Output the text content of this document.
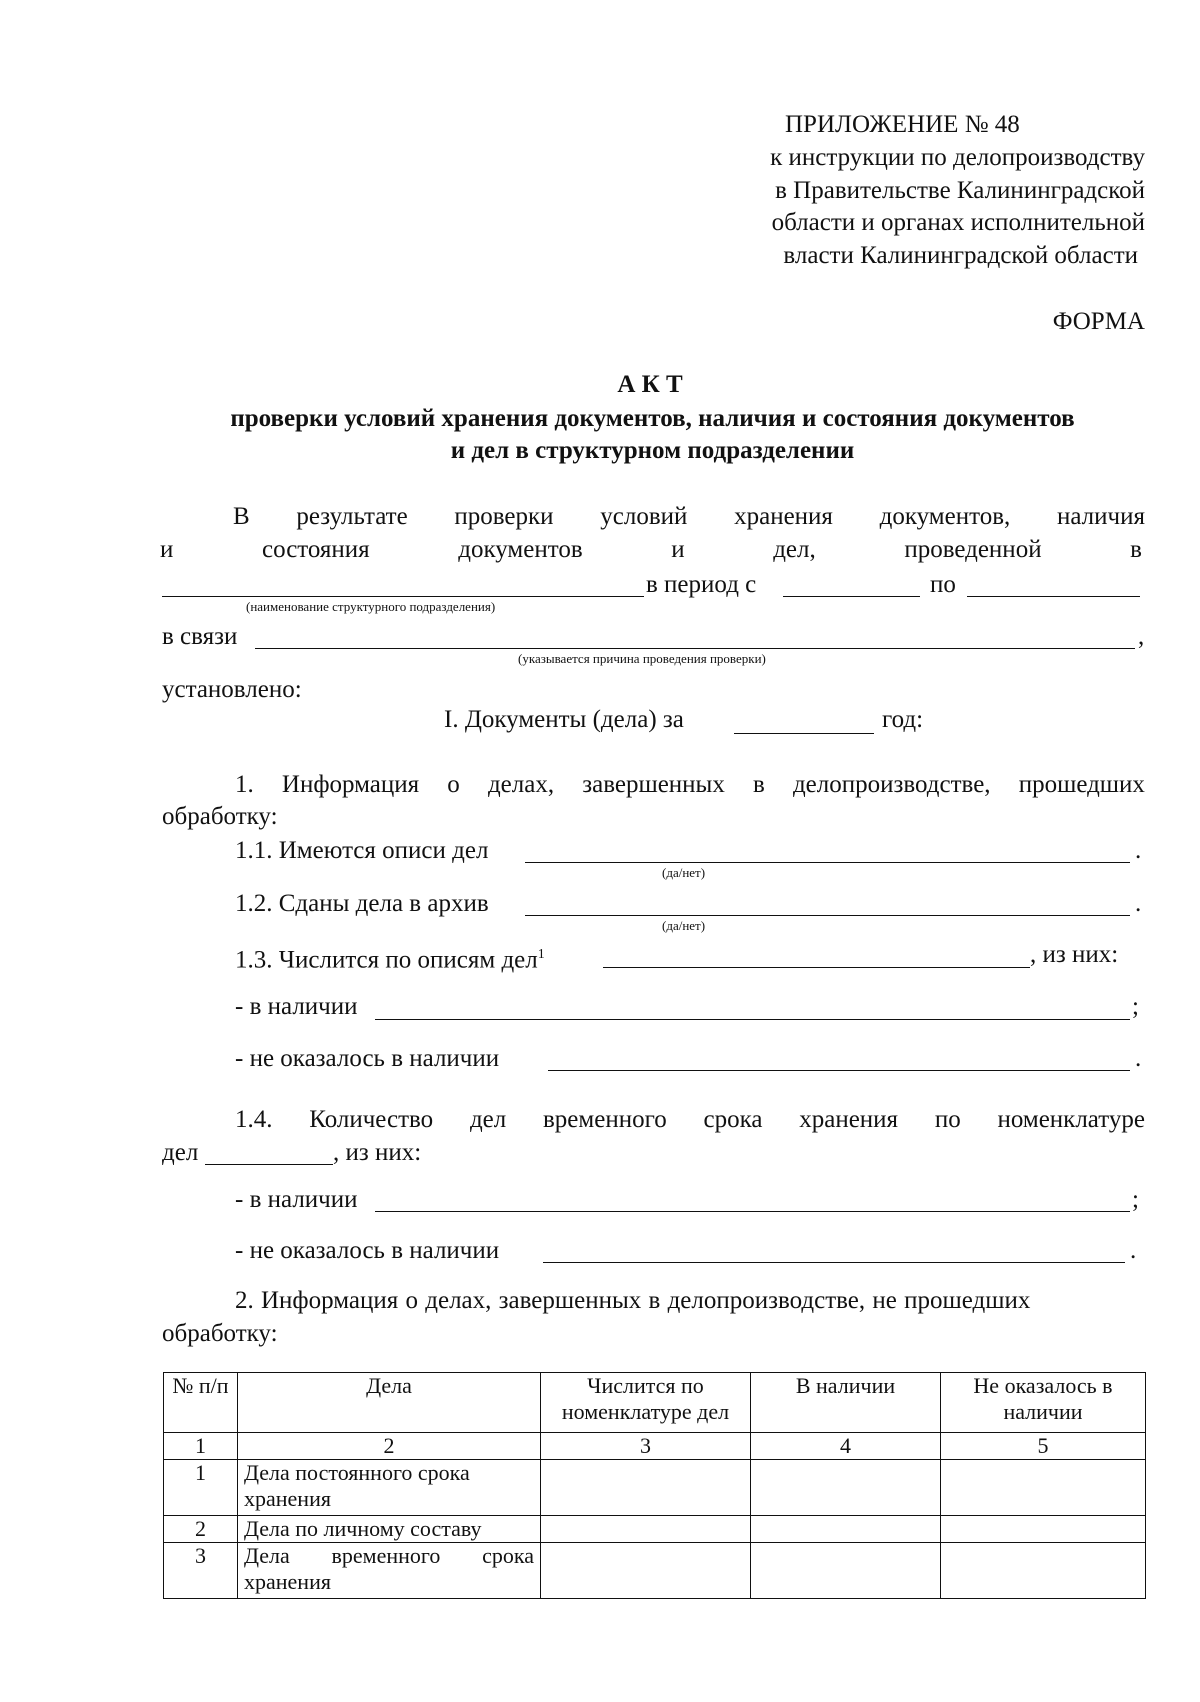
ПРИЛОЖЕНИЕ № 48
к инструкции по делопроизводству
в Правительстве Калининградской
области и органах исполнительной
власти Калининградской области
ФОРМА
А К Т
проверки условий хранения документов, наличия и состояния документов
и дел в структурном подразделении
В результате проверки условий хранения документов, наличия
и	состояния	документов	и	дел,	проведенной	в
в период с	по
(наименование структурного подразделения)
в связи	,
(указывается причина проведения проверки)
установлено:
I. Документы (дела) за	год:
1. Информация о делах, завершенных в делопроизводстве, прошедших
обработку:
1.1. Имеются описи дел	.
(да/нет)
1.2. Сданы дела в архив	.
(да/нет)
1.3. Числится по описям дел$^1$	, из них:
- в наличии	;
- не оказалось в наличии	.
1.4. Количество дел временного срока хранения по номенклатуре
дел	, из них:
- в наличии	;
- не оказалось в наличии	.
2. Информация о делах, завершенных в делопроизводстве, не прошедших
обработку:
№ п/п	Дела	Числится по номенклатуре дел	В наличии	Не оказалось в наличии
1	2	3	4	5
1	Дела постоянного срока хранения			
2	Дела по личному составу			
3	Дела временного срока
хранения			
